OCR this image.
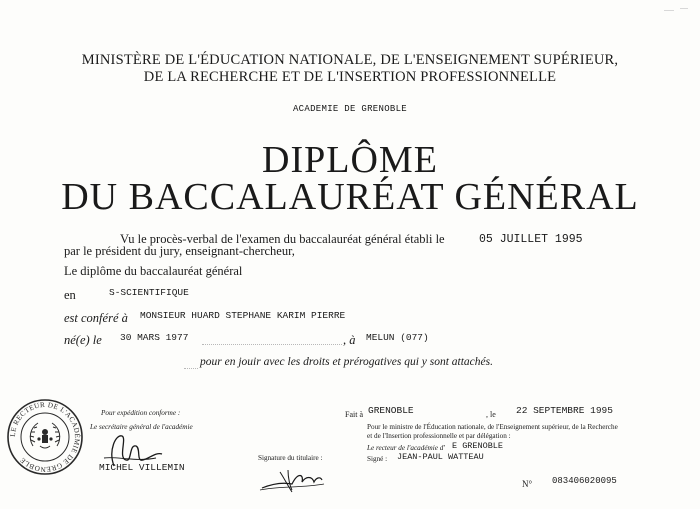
MINISTÈRE DE L'ÉDUCATION NATIONALE, DE L'ENSEIGNEMENT SUPÉRIEUR,
DE LA RECHERCHE ET DE L'INSERTION PROFESSIONNELLE
ACADEMIE DE GRENOBLE
DIPLÔME
DU BACCALAURÉAT GÉNÉRAL
Vu le procès-verbal de l'examen du baccalauréat général établi le	05 JUILLET 1995
par le président du jury, enseignant-chercheur,
Le diplôme du baccalauréat général
en	S-SCIENTIFIQUE
est conféré à MONSIEUR HUARD STEPHANE KARIM PIERRE
né(e) le 30 MARS 1977	, à MELUN (077)
pour en jouir avec les droits et prérogatives qui y sont attachés.
LE RECTEUR DE L'ACADÉMIE DE GRENOBLE
Pour expédition conforme :
Le secrétaire général de l'académie
MICHEL VILLEMIN
Signature du titulaire :
Fait à GRENOBLE	, le 22 SEPTEMBRE 1995
Pour le ministre de l'Éducation nationale, de l'Enseignement supérieur, de la Recherche
et de l'Insertion professionnelle et par délégation :
Le recteur de l'académie d' E GRENOBLE
Signé : JEAN-PAUL WATTEAU
N° 083406020095
